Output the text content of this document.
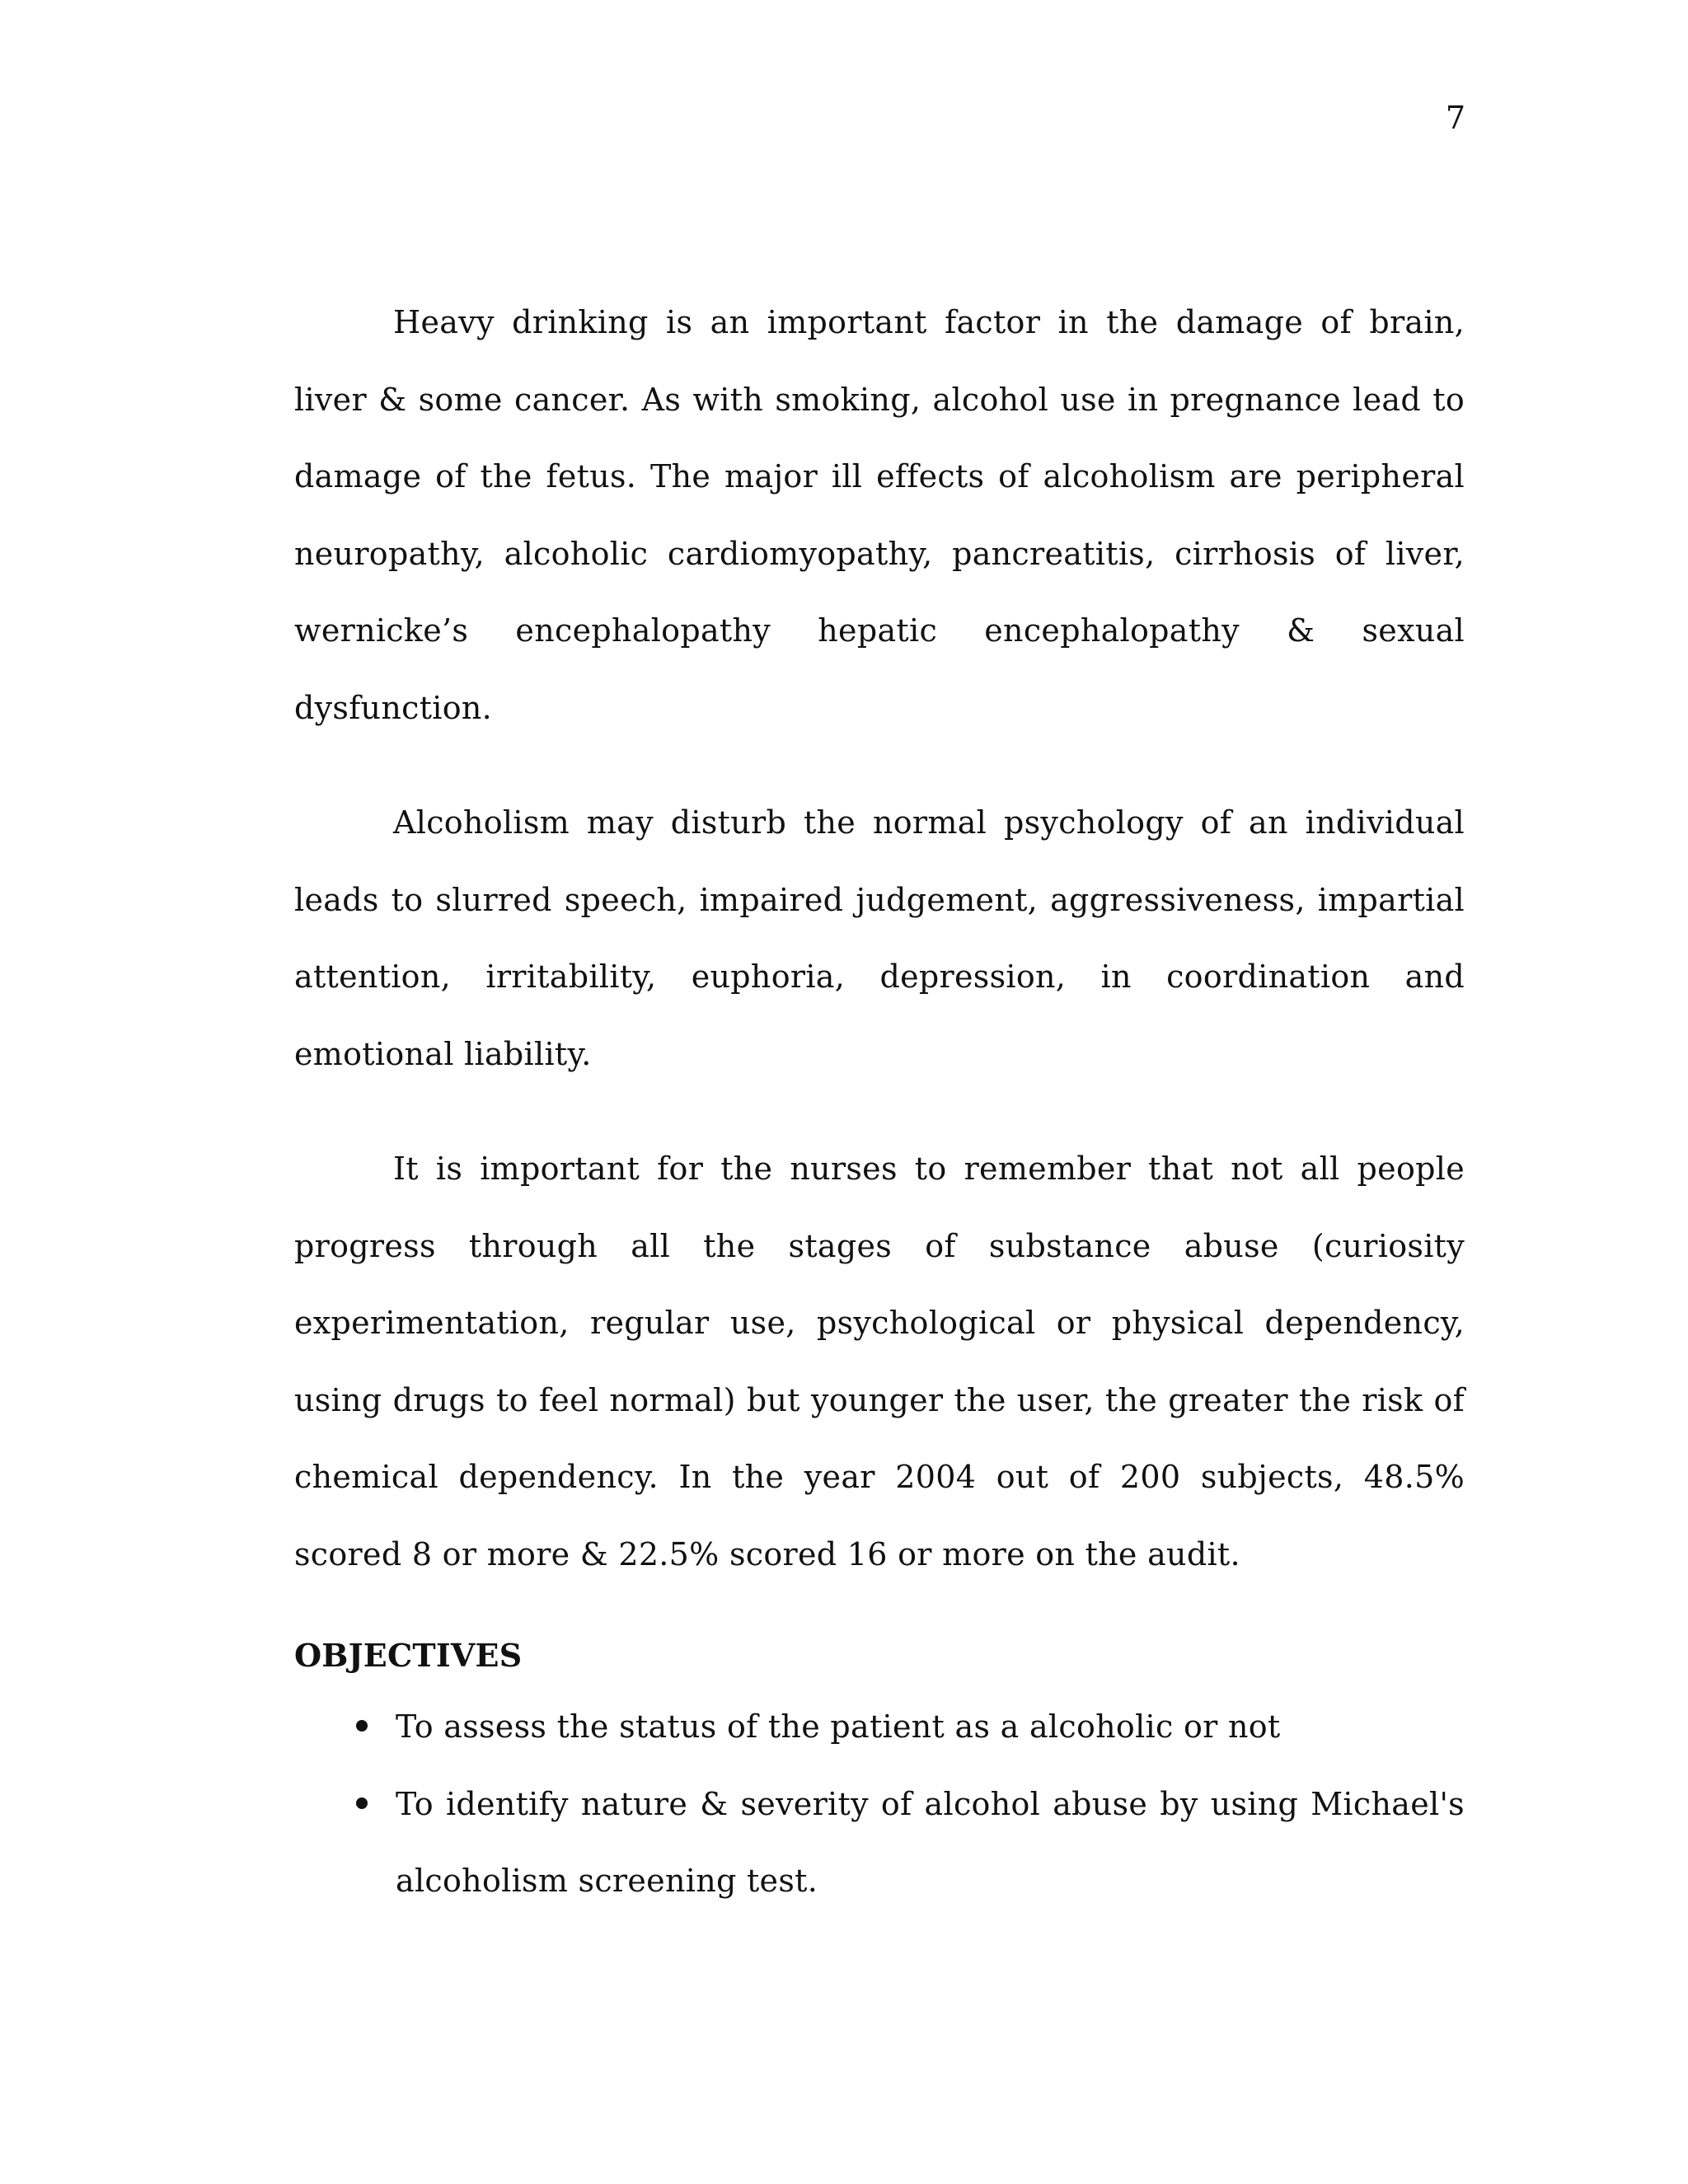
7

Heavy drinking is an important factor in the damage of brain, liver & some cancer. As with smoking, alcohol use in pregnance lead to damage of the fetus. The major ill effects of alcoholism are peripheral neuropathy, alcoholic cardiomyopathy, pancreatitis, cirrhosis of liver, wernicke’s encephalopathy hepatic encephalopathy & sexual dysfunction.

Alcoholism may disturb the normal psychology of an individual leads to slurred speech, impaired judgement, aggressiveness, impartial attention, irritability, euphoria, depression, in coordination and emotional liability.

It is important for the nurses to remember that not all people progress through all the stages of substance abuse (curiosity experimentation, regular use, psychological or physical dependency, using drugs to feel normal) but younger the user, the greater the risk of chemical dependency. In the year 2004 out of 200 subjects, 48.5% scored 8 or more & 22.5% scored 16 or more on the audit.

OBJECTIVES
To assess the status of the patient as a alcoholic or not
To identify nature & severity of alcohol abuse by using Michael's alcoholism screening test.
